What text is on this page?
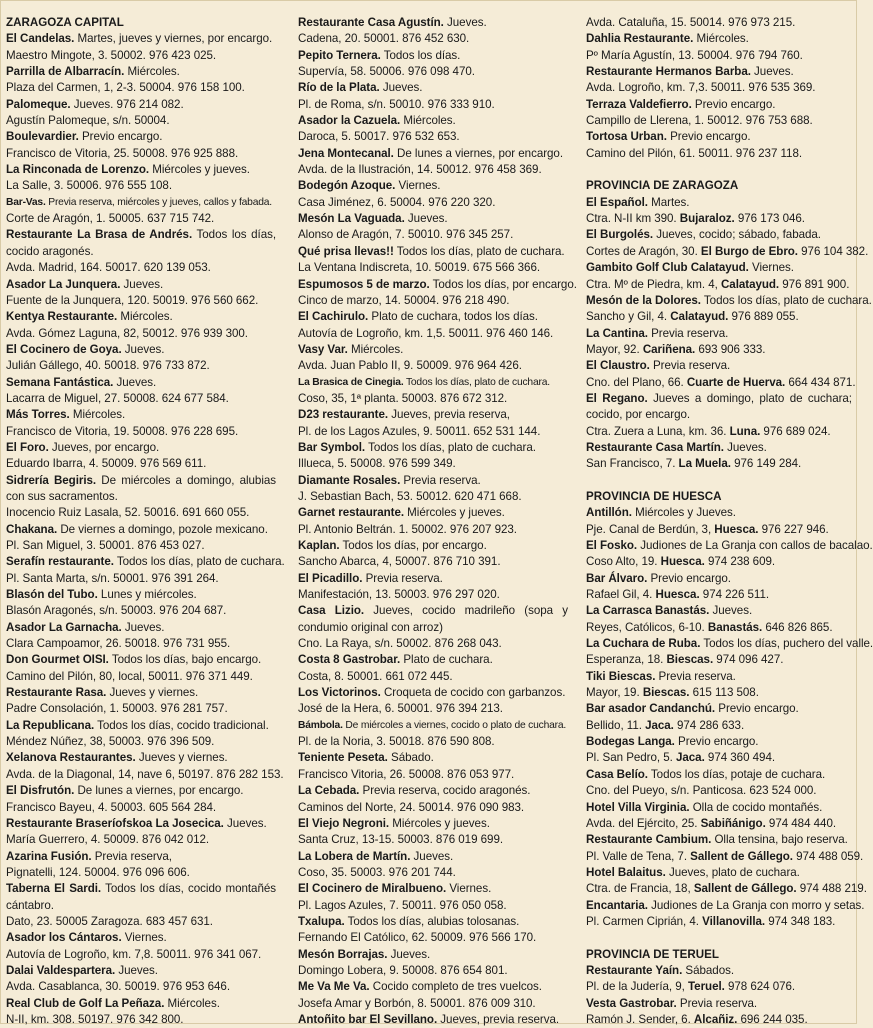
ZARAGOZA CAPITAL
El Candelas. Martes, jueves y viernes, por encargo.
Maestro Mingote, 3. 50002. 976 423 025.
Parrilla de Albarracín. Miércoles.
Plaza del Carmen, 1, 2-3. 50004. 976 158 100.
Palomeque. Jueves. 976 214 082.
Agustín Palomeque, s/n. 50004.
Boulevardier. Previo encargo.
Francisco de Vitoria, 25. 50008. 976 925 888.
La Rinconada de Lorenzo. Miércoles y jueves.
La Salle, 3. 50006. 976 555 108.
Bar-Vas. Previa reserva, miércoles y jueves, callos y fabada.
Corte de Aragón, 1. 50005. 637 715 742.
Restaurante La Brasa de Andrés. Todos los días, cocido aragonés.
Avda. Madrid, 164. 50017. 620 139 053.
Asador La Junquera. Jueves.
Fuente de la Junquera, 120. 50019. 976 560 662.
Kentya Restaurante. Miércoles.
Avda. Gómez Laguna, 82, 50012. 976 939 300.
El Cocinero de Goya. Jueves.
Julián Gállego, 40. 50018. 976 733 872.
Semana Fantástica. Jueves.
Lacarra de Miguel, 27. 50008. 624 677 584.
Más Torres. Miércoles.
Francisco de Vitoria, 19. 50008. 976 228 695.
El Foro. Jueves, por encargo.
Eduardo Ibarra, 4. 50009. 976 569 611.
Sidrería Begiris. De miércoles a domingo, alubias con sus sacramentos.
Inocencio Ruiz Lasala, 52. 50016. 691 660 055.
Chakana. De viernes a domingo, pozole mexicano.
Pl. San Miguel, 3. 50001. 876 453 027.
Serafín restaurante. Todos los días, plato de cuchara.
Pl. Santa Marta, s/n. 50001. 976 391 264.
Blasón del Tubo. Lunes y miércoles.
Blasón Aragonés, s/n. 50003. 976 204 687.
Asador La Garnacha. Jueves.
Clara Campoamor, 26. 50018. 976 731 955.
Don Gourmet OISI. Todos los días, bajo encargo.
Camino del Pilón, 80, local, 50011. 976 371 449.
Restaurante Rasa. Jueves y viernes.
Padre Consolación, 1. 50003. 976 281 757.
La Republicana. Todos los días, cocido tradicional.
Méndez Núñez, 38, 50003. 976 396 509.
Xelanova Restaurantes. Jueves y viernes.
Avda. de la Diagonal, 14, nave 6, 50197. 876 282 153.
El Disfrutón. De lunes a viernes, por encargo.
Francisco Bayeu, 4. 50003. 605 564 284.
Restaurante Braseríofskoa La Josecica. Jueves.
María Guerrero, 4. 50009. 876 042 012.
Azarina Fusión. Previa reserva,
Pignatelli, 124. 50004. 976 096 606.
Taberna El Sardi. Todos los días, cocido montañés cántabro.
Dato, 23. 50005 Zaragoza. 683 457 631.
Asador los Cántaros. Viernes.
Autovía de Logroño, km. 7,8. 50011. 976 341 067.
Dalai Valdespartera. Jueves.
Avda. Casablanca, 30. 50019. 976 953 646.
Real Club de Golf La Peñaza. Miércoles.
N-II, km. 308. 50197. 976 342 800.
Restaurante Casa Agustín. Jueves.
Cadena, 20. 50001. 876 452 630.
Pepito Ternera. Todos los días.
Supervía, 58. 50006. 976 098 470.
Río de la Plata. Jueves.
Pl. de Roma, s/n. 50010. 976 333 910.
Asador la Cazuela. Miércoles.
Daroca, 5. 50017. 976 532 653.
Jena Montecanal. De lunes a viernes, por encargo.
Avda. de la Ilustración, 14. 50012. 976 458 369.
Bodegón Azoque. Viernes.
Casa Jiménez, 6. 50004. 976 220 320.
Mesón La Vaguada. Jueves.
Alonso de Aragón, 7. 50010. 976 345 257.
Qué prisa llevas!! Todos los días, plato de cuchara.
La Ventana Indiscreta, 10. 50019. 675 566 366.
Espumosos 5 de marzo. Todos los días, por encargo.
Cinco de marzo, 14. 50004. 976 218 490.
El Cachirulo. Plato de cuchara, todos los días.
Autovía de Logroño, km. 1,5. 50011. 976 460 146.
Vasy Var. Miércoles.
Avda. Juan Pablo II, 9. 50009. 976 964 426.
La Brasica de Cinegia. Todos los días, plato de cuchara.
Coso, 35, 1ª planta. 50003. 876 672 312.
D23 restaurante. Jueves, previa reserva,
Pl. de los Lagos Azules, 9. 50011. 652 531 144.
Bar Symbol. Todos los días, plato de cuchara.
Illueca, 5. 50008. 976 599 349.
Diamante Rosales. Previa reserva.
J. Sebastian Bach, 53. 50012. 620 471 668.
Garnet restaurante. Miércoles y jueves.
Pl. Antonio Beltrán. 1. 50002. 976 207 923.
Kaplan. Todos los días, por encargo.
Sancho Abarca, 4, 50007. 876 710 391.
El Picadillo. Previa reserva.
Manifestación, 13. 50003. 976 297 020.
Casa Lizio. Jueves, cocido madrileño (sopa y condumio original con arroz)
Cno. La Raya, s/n. 50002. 876 268 043.
Costa 8 Gastrobar. Plato de cuchara.
Costa, 8. 50001. 661 072 445.
Los Victorinos. Croqueta de cocido con garbanzos.
José de la Hera, 6. 50001. 976 394 213.
Bámbola. De miércoles a viernes, cocido o plato de cuchara.
Pl. de la Noria, 3. 50018. 876 590 808.
Teniente Peseta. Sábado.
Francisco Vitoria, 26. 50008. 876 053 977.
La Cebada. Previa reserva, cocido aragonés.
Caminos del Norte, 24. 50014. 976 090 983.
El Viejo Negroni. Miércoles y jueves.
Santa Cruz, 13-15. 50003. 876 019 699.
La Lobera de Martín. Jueves.
Coso, 35. 50003. 976 201 744.
El Cocinero de Miralbueno. Viernes.
Pl. Lagos Azules, 7. 50011. 976 050 058.
Txalupa. Todos los días, alubias tolosanas.
Fernando El Católico, 62. 50009. 976 566 170.
Mesón Borrajas. Jueves.
Domingo Lobera, 9. 50008. 876 654 801.
Me Va Me Va. Cocido completo de tres vuelcos.
Josefa Amar y Borbón, 8. 50001. 876 009 310.
Antoñito bar El Sevillano. Jueves, previa reserva.
Avda. Cataluña, 15. 50014. 976 973 215.
Dahlia Restaurante. Miércoles.
Pº María Agustín, 13. 50004. 976 794 760.
Restaurante Hermanos Barba. Jueves.
Avda. Logroño, km. 7,3. 50011. 976 535 369.
Terraza Valdefierro. Previo encargo.
Campillo de Llerena, 1. 50012. 976 753 688.
Tortosa Urban. Previo encargo.
Camino del Pilón, 61. 50011. 976 237 118.
PROVINCIA DE ZARAGOZA
El Español. Martes.
Ctra. N-II km 390. Bujaraloz. 976 173 046.
El Burgolés. Jueves, cocido; sábado, fabada.
Cortes de Aragón, 30. El Burgo de Ebro. 976 104 382.
Gambito Golf Club Calatayud. Viernes.
Ctra. Mº de Piedra, km. 4, Calatayud. 976 891 900.
Mesón de la Dolores. Todos los días, plato de cuchara.
Sancho y Gil, 4. Calatayud. 976 889 055.
La Cantina. Previa reserva.
Mayor, 92. Cariñena. 693 906 333.
El Claustro. Previa reserva.
Cno. del Plano, 66. Cuarte de Huerva. 664 434 871.
El Regano. Jueves a domingo, plato de cuchara; cocido, por encargo.
Ctra. Zuera a Luna, km. 36. Luna. 976 689 024.
Restaurante Casa Martín. Jueves.
San Francisco, 7. La Muela. 976 149 284.
PROVINCIA DE HUESCA
Antillón. Miércoles y Jueves.
Pje. Canal de Berdún, 3, Huesca. 976 227 946.
El Fosko. Judiones de La Granja con callos de bacalao.
Coso Alto, 19. Huesca. 974 238 609.
Bar Álvaro. Previo encargo.
Rafael Gil, 4. Huesca. 974 226 511.
La Carrasca Banastás. Jueves.
Reyes, Católicos, 6-10. Banastás. 646 826 865.
La Cuchara de Ruba. Todos los días, puchero del valle.
Esperanza, 18. Biescas. 974 096 427.
Tiki Biescas. Previa reserva.
Mayor, 19. Biescas. 615 113 508.
Bar asador Candanchú. Previo encargo.
Bellido, 11. Jaca. 974 286 633.
Bodegas Langa. Previo encargo.
Pl. San Pedro, 5. Jaca. 974 360 494.
Casa Belío. Todos los días, potaje de cuchara.
Cno. del Pueyo, s/n. Panticosa. 623 524 000.
Hotel Villa Virginia. Olla de cocido montañés.
Avda. del Ejército, 25. Sabiñánigo. 974 484 440.
Restaurante Cambium. Olla tensina, bajo reserva.
Pl. Valle de Tena, 7. Sallent de Gállego. 974 488 059.
Hotel Balaitus. Jueves, plato de cuchara.
Ctra. de Francia, 18, Sallent de Gállego. 974 488 219.
Encantaria. Judiones de La Granja con morro y setas.
Pl. Carmen Ciprián, 4. Villanovilla. 974 348 183.
PROVINCIA DE TERUEL
Restaurante Yaín. Sábados.
Pl. de la Judería, 9, Teruel. 978 624 076.
Vesta Gastrobar. Previa reserva.
Ramón J. Sender, 6. Alcañiz. 696 244 035.
